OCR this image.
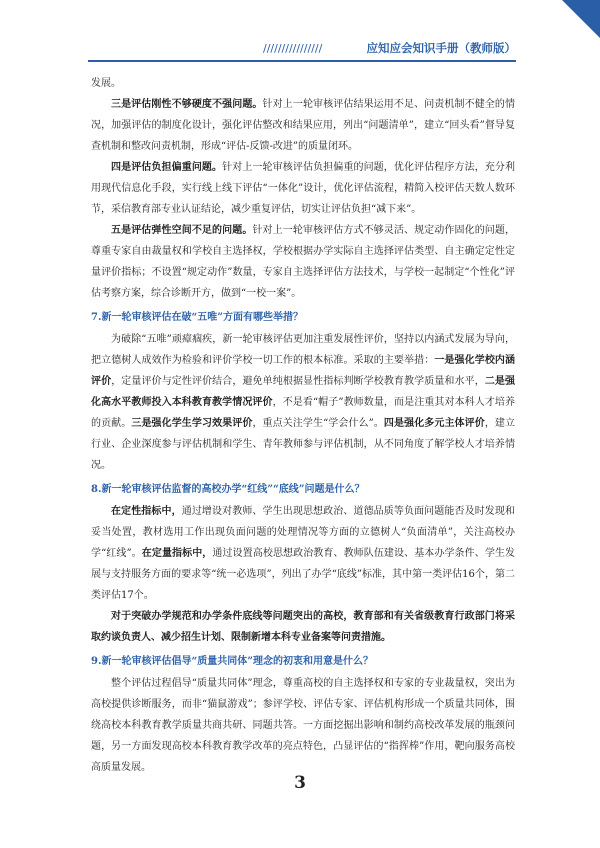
////////////////	应知应会知识手册（教师版）

发展。

三是评估刚性不够硬度不强问题。针对上一轮审核评估结果运用不足、问责机制不健全的情况，加强评估的制度化设计，强化评估整改和结果应用，列出“问题清单”，建立“回头看”督导复查机制和整改问责机制，形成“评估-反馈-改进”的质量闭环。

四是评估负担偏重问题。针对上一轮审核评估负担偏重的问题，优化评估程序方法，充分利用现代信息化手段，实行线上线下评估“一体化”设计，优化评估流程，精简入校评估天数人数环节，采信教育部专业认证结论，减少重复评估，切实让评估负担“减下来”。

五是评估弹性空间不足的问题。针对上一轮审核评估方式不够灵活、规定动作固化的问题，尊重专家自由裁量权和学校自主选择权，学校根据办学实际自主选择评估类型、自主确定定性定量评价指标；不设置“规定动作”数量，专家自主选择评估方法技术，与学校一起制定“个性化”评估考察方案，综合诊断开方，做到“一校一案”。

7.新一轮审核评估在破“五唯”方面有哪些举措？

为破除“五唯”顽瘴痼疾，新一轮审核评估更加注重发展性评价，坚持以内涵式发展为导向，把立德树人成效作为检验和评价学校一切工作的根本标准。采取的主要举措：一是强化学校内涵评价，定量评价与定性评价结合，避免单纯根据显性指标判断学校教育教学质量和水平，二是强化高水平教师投入本科教育教学情况评价，不是看“帽子”教师数量，而是注重其对本科人才培养的贡献。三是强化学生学习效果评价，重点关注学生“学会什么”。四是强化多元主体评价，建立行业、企业深度参与评估机制和学生、青年教师参与评估机制，从不同角度了解学校人才培养情况。

8.新一轮审核评估监督的高校办学“红线”“底线”问题是什么？

在定性指标中，通过增设对教师、学生出现思想政治、道德品质等负面问题能否及时发现和妥当处置，教材选用工作出现负面问题的处理情况等方面的立德树人“负面清单”，关注高校办学“红线”。在定量指标中，通过设置高校思想政治教育、教师队伍建设、基本办学条件、学生发展与支持服务方面的要求等“统一必选项”，列出了办学“底线”标准，其中第一类评估16个，第二类评估17个。

对于突破办学规范和办学条件底线等问题突出的高校，教育部和有关省级教育行政部门将采取约谈负责人、减少招生计划、限制新增本科专业备案等问责措施。

9.新一轮审核评估倡导“质量共同体”理念的初衷和用意是什么？

整个评估过程倡导“质量共同体”理念，尊重高校的自主选择权和专家的专业裁量权，突出为高校提供诊断服务，而非“猫鼠游戏”；参评学校、评估专家、评估机构形成一个质量共同体，围绕高校本科教育教学质量共商共研、同题共答。一方面挖掘出影响和制约高校改革发展的瓶颈问题，另一方面发现高校本科教育教学改革的亮点特色，凸显评估的“指挥棒”作用，靶向服务高校高质量发展。

3
